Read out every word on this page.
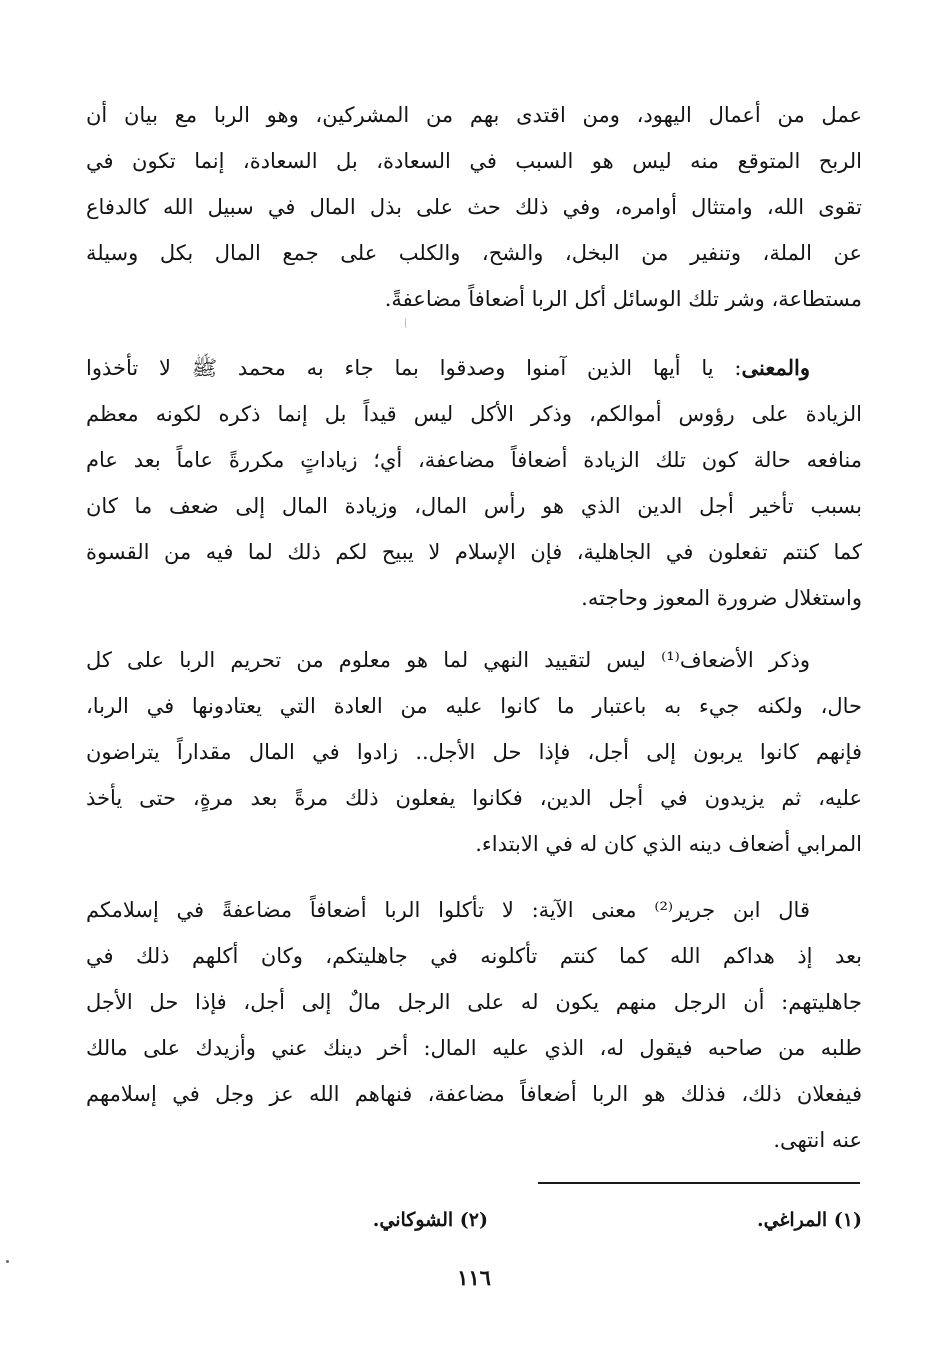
عمل من أعمال اليهود، ومن اقتدى بهم من المشركين، وهو الربا مع بيان أن
الربح المتوقع منه ليس هو السبب في السعادة، بل السعادة، إنما تكون في
تقوى الله، وامتثال أوامره، وفي ذلك حث على بذل المال في سبيل الله كالدفاع
عن الملة، وتنفير من البخل، والشح، والكلب على جمع المال بكل وسيلة
مستطاعة، وشر تلك الوسائل أكل الربا أضعافاً مضاعفةً.
والمعنى: يا أيها الذين آمنوا وصدقوا بما جاء به محمد ﷺ لا تأخذوا
الزيادة على رؤوس أموالكم، وذكر الأكل ليس قيداً بل إنما ذكره لكونه معظم
منافعه حالة كون تلك الزيادة أضعافاً مضاعفة، أي؛ زياداتٍ مكررةً عاماً بعد عام
بسبب تأخير أجل الدين الذي هو رأس المال، وزيادة المال إلى ضعف ما كان
كما كنتم تفعلون في الجاهلية، فإن الإسلام لا يبيح لكم ذلك لما فيه من القسوة
واستغلال ضرورة المعوز وحاجته.
وذكر الأضعاف⁽¹⁾ ليس لتقييد النهي لما هو معلوم من تحريم الربا على كل
حال، ولكنه جيء به باعتبار ما كانوا عليه من العادة التي يعتادونها في الربا،
فإنهم كانوا يربون إلى أجل، فإذا حل الأجل.. زادوا في المال مقداراً يتراضون
عليه، ثم يزيدون في أجل الدين، فكانوا يفعلون ذلك مرةً بعد مرةٍ، حتى يأخذ
المرابي أضعاف دينه الذي كان له في الابتداء.
قال ابن جرير⁽²⁾ معنى الآية: لا تأكلوا الربا أضعافاً مضاعفةً في إسلامكم
بعد إذ هداكم الله كما كنتم تأكلونه في جاهليتكم، وكان أكلهم ذلك في
جاهليتهم: أن الرجل منهم يكون له على الرجل مالٌ إلى أجل، فإذا حل الأجل
طلبه من صاحبه فيقول له، الذي عليه المال: أخر دينك عني وأزيدك على مالك
فيفعلان ذلك، فذلك هو الربا أضعافاً مضاعفة، فنهاهم الله عز وجل في إسلامهم
عنه انتهى.
(١) المراغي.
(٢) الشوكاني.
١١٦
